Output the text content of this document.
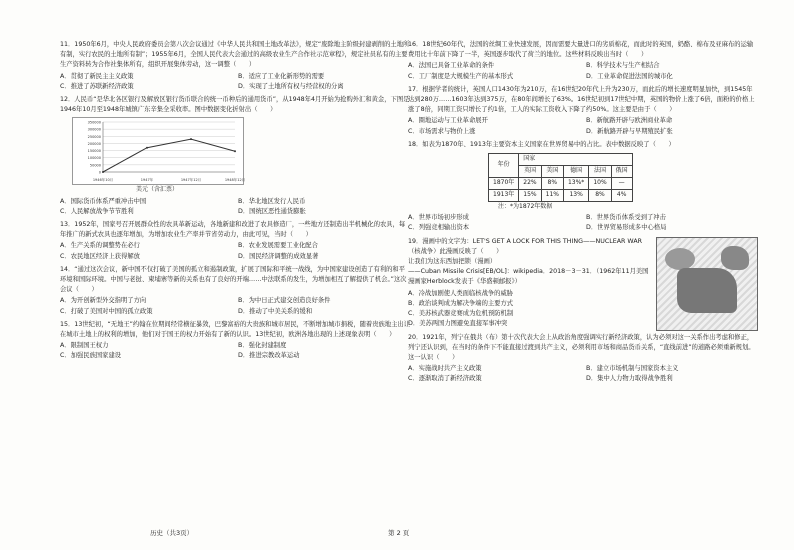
11．1950年6月，中央人民政府委员会第八次会议通过《中华人民共和国土地改革法》，规定“废除地主阶级封建剥削的土地所有制，实行农民的土地所有制”；1955年6月，全国人民代表大会通过的高级农业生产合作社示范章程》，规定社员私有的主要生产资料转为合作社集体所有，组织开展集体劳动，这一调整（　　）
A．贯彻了新民主主义政策	B．适应了工业化新形势的需要
C．推进了苏联新经济政策	D．实现了土地所有权与经营权的分离
12．人民币“是华北各区银行及解放区银行货币联合的统一币种后的通用货币”，从1948年4月开始为抢购外汇和黄金，下图是1946年10月至1948年城镇广东辛集全采收率。图中数据变化折射出（　　）
350000
300000
250000
200000
150000
100000
50000
0
1946年10月	1947年	1947年12月	1948年12月
美元（含汇票）
A．国际货币体系严重冲击中国	B．华北地区发行人民币
C．人民解放战争节节胜利	D．国统区恶性通货膨胀
13．1952年，国家号召开展群众性的农具革新运动，各地新建和改进了农具修造厂，一些地方还制造出半机械化的农具，每年推广的新式农具也逐年增加，为增加农业生产率并节省劳动力，由此可见，当时（　　）
A．生产关系的调整势在必行	B．农业发展需要工业化配合
C．农民地区经济上获得解放	D．国民经济调整的成效显著
14．“通过这次会议，新中国不仅打破了美国的孤立和遏制政策，扩展了国际和平统一战线，为中国家建设创造了有利的和平环境和国际环境。中国与老挝、柬埔寨等新的关系也有了良好的开端……中法联系的发生，为增加相互了解提供了机会。”这次会议（　　）
A．为开创新型外交指明了方向	B．为中日正式建交创造良好条件
C．打破了美国对中国的孤立政策	D．推动了中美关系的缓和
15．13世纪初，“无地王”约翰在位期间经常横征暴敛，巴黎富裕的大贵族和城市居民，不断增加城市捐税，随着贵族地主出让在城市土地上的权利的增加，他们对于国王的权力开始有了新的认识。13世纪初，欧洲各地出现的上述现象表明（　　）
A．限制国王权力	B．强化封建制度
C．加强民族国家建设	D．推进宗教改革运动
16．18世纪60年代，法国的丝绸工业快速发展，因而需要大量进口的劣质棉花，而此时的英国，奶酪、棉布及亚麻布的运输费用比十年前下降了一半，英国逐步取代了荷兰的地位。这些材料反映出当时（　　）
A．法国已具备工业革命的条件	B．科学技术与生产相结合
C．工厂制度是大规模生产的基本形式	D．工业革命促进法国的城市化
17．根据学者的统计，英国人口1430年为210万，在16世纪20年代上升为230万，而此后的增长速度明显加快，到1545年达到280万……1603年达到375万，在80年间增长了63%。16世纪初到17世纪中期，英国的物价上涨了6倍，面粉的价格上涨了8倍，同期工资只增长了约1倍，工人的实际工资收入下降了约50%。这主要是由于（　　）
A．圈地运动与工业革命展开	B．新航路开辟与欧洲商业革命
C．市场需求与物价上涨	D．新航路开辟与早期殖民扩张
18．如表为1870年、1913年主要资本主义国家在世界贸易中的占比。表中数据反映了（　　）
年份	国家				
	英国	美国	德国	法国	俄国
1870年	22%	8%	13%*	10%	—
1913年	15%	11%	13%	8%	4%
注：*为1872年数据
A．世界市场初步形成	B．世界货币体系受到了冲击
C．列强竞相输出资本	D．世界贸易形成多中心格局
19．漫画中的文字为：LET'S GET A LOCK FOR THIS THING——NUCLEAR WAR（核战争）此漫画反映了（　　）
让我们为这东西加把锁（漫画）
——Cuban Missile Crisis[EB/OL]：wikipedia．2018－3－31．（1962年11月美国漫画家Herblock发表于《华盛顿邮报》）
A．冷战加剧使人类面临核战争的威胁
B．政治谈判成为解决争端的主要方式
C．美苏核武器竞赛成为危机预防机制
D．美苏两国力图避免直接军事冲突
20．1921年，列宁在俄共（布）第十次代表大会上从政治角度强调实行新经济政策，认为必须对这一关系作出考虑和修正，列宁还认识到，在当时的条件下不能直接过渡到共产主义，必须利用市场和商品货币关系，“直线前进”的道路必须重新规划。这一认识（　　）
A．实施战时共产主义政策	B．建立市场机制与国家资本主义
C．逐渐取消了新经济政策	D．集中人力物力取得战争胜利
历史（共3页）	第 2 页
